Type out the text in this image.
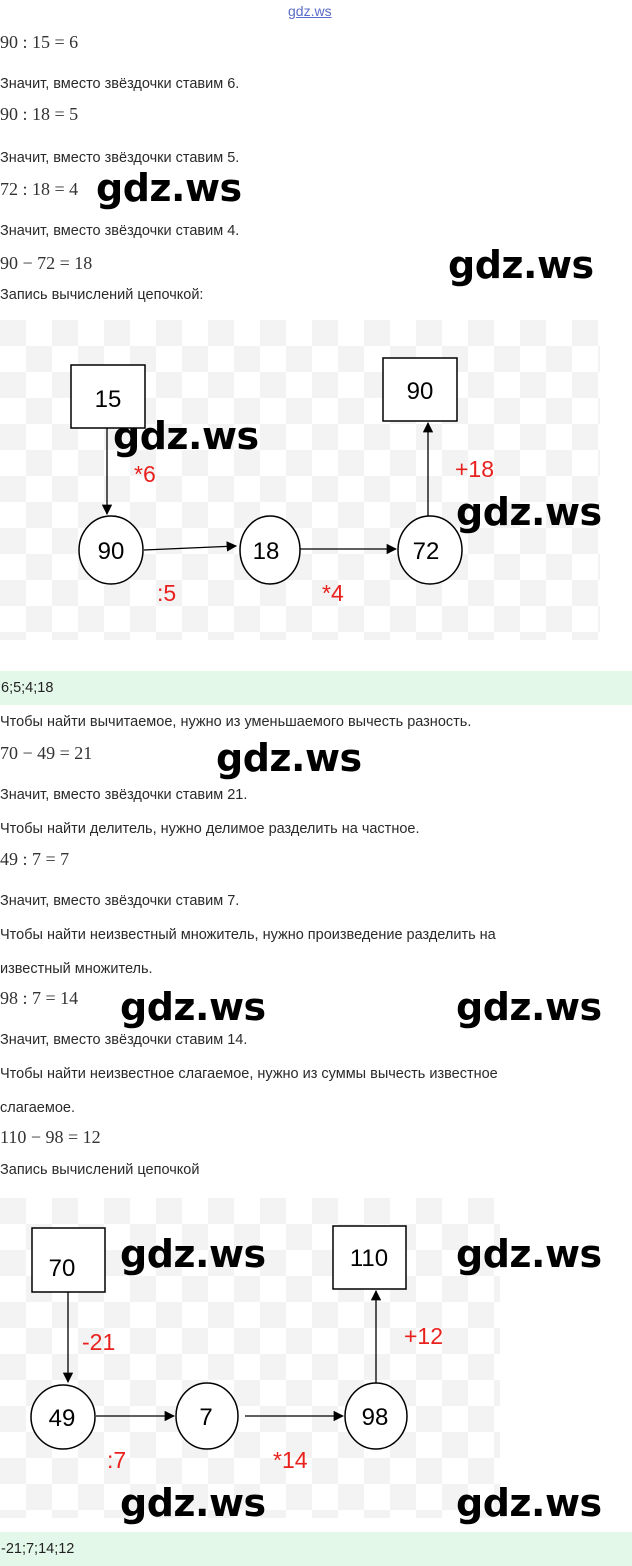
gdz.ws
90 : 15 = 6
Значит, вместо звёздочки ставим 6.
90 : 18 = 5
Значит, вместо звёздочки ставим 5.
72 : 18 = 4
Значит, вместо звёздочки ставим 4.
90 − 72 = 18
Запись вычислений цепочкой:
15	90
90	18	72
*6
:5	*4
+18
6;5;4;18
Чтобы найти вычитаемое, нужно из уменьшаемого вычесть разность.
70 − 49 = 21
Значит, вместо звёздочки ставим 21.
Чтобы найти делитель, нужно делимое разделить на частное.
49 : 7 = 7
Значит, вместо звёздочки ставим 7.
Чтобы найти неизвестный множитель, нужно произведение разделить на
известный множитель.
98 : 7 = 14
Значит, вместо звёздочки ставим 14.
Чтобы найти неизвестное слагаемое, нужно из суммы вычесть известное
слагаемое.
110 − 98 = 12
Запись вычислений цепочкой
70	110
49	7	98
-21
:7	*14
+12
-21;7;14;12
gdz.ws
gdz.ws
gdz.ws
gdz.ws
gdz.ws
gdz.ws	gdz.ws
gdz.ws	gdz.ws
gdz.ws	gdz.ws
